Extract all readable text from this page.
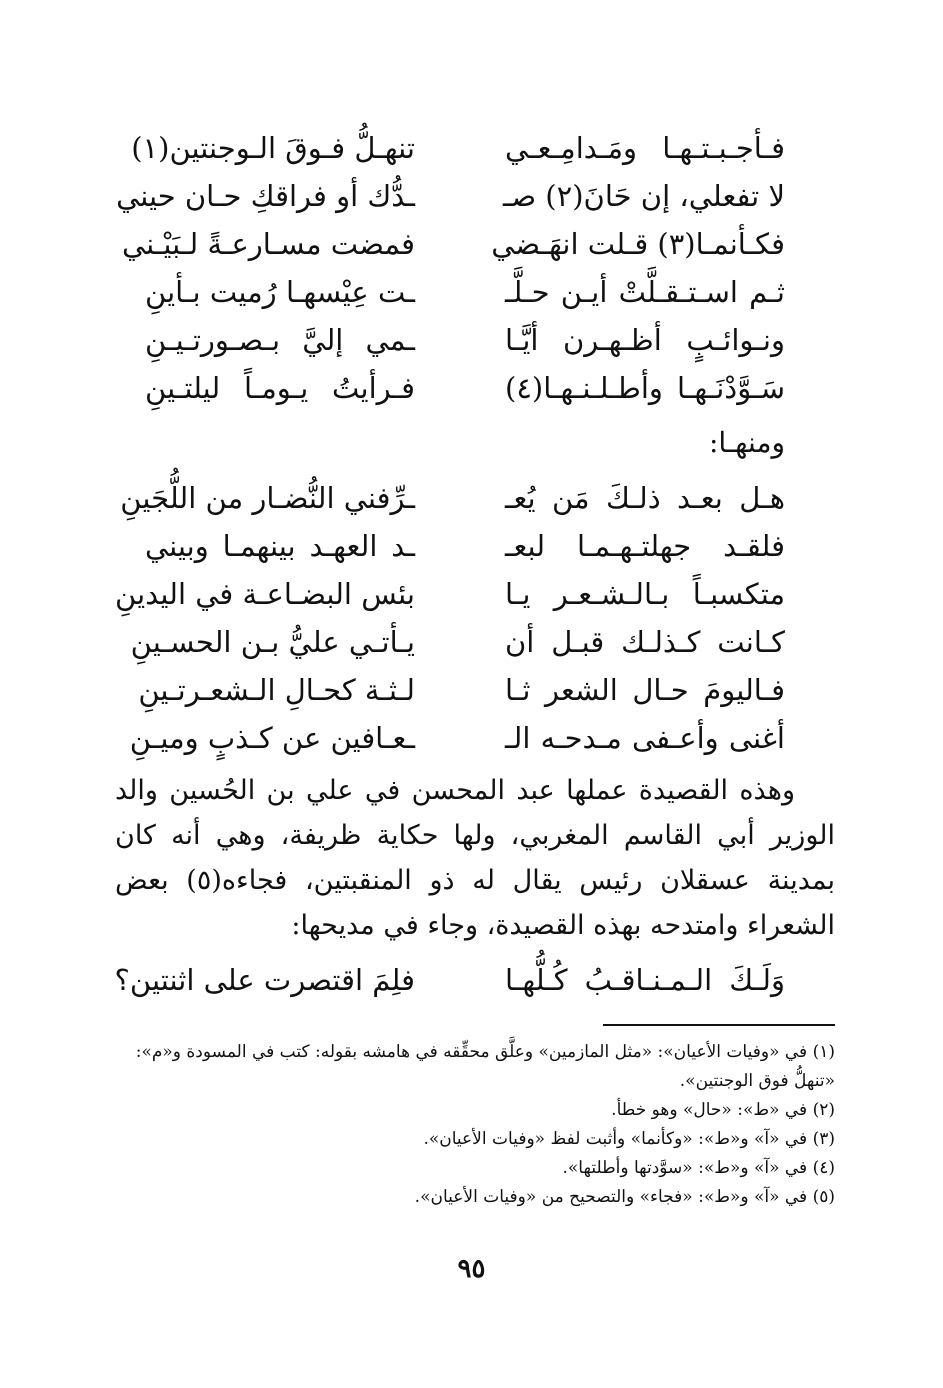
فـأجـبـتـهـا ومَـدامِـعـي
تنهـلُّ فـوقَ الـوجنتين(١)
لا تفعلي، إن حَانَ(٢) صـ
ـدُّك أو فراقكِ حـان حيني
فكـأنمـا(٣) قـلت انهَـضي
فمضت مسـارعـةً لـبَيْـني
ثـم اسـتـقـلَّتْ أيـن حـلَّـ
ـت عِيْسهـا رُميت بـأينِ
ونـوائـبٍ أظـهـرن أيَّـا
ـمي إليَّ بـصـورتـيـنِ
سَـوَّدْنَـهـا وأطـلـنـهـا(٤)
فـرأيتُ يـومـاً ليلتـينِ
ومنهـا:
هـل بعـد ذلـكَ مَن يُعـ
ـرِّفني النُّضـار من اللُّجَينِ
فلقـد جهلتـهـمـا لبعـ
ـد العهـد بينهمـا وبيني
متكسبـاً بـالـشـعـر يـا
بئس البضـاعـة في اليدينِ
كـانت كـذلـك قبـل أن
يـأتـي عليُّ بـن الحسـينِ
فـاليومَ حـال الشعر ثـا
لـثـة كحـالِ الـشعـرتـينِ
أغنى وأعـفى مـدحـه الـ
ـعـافين عن كـذبٍ وميـنِ

وهذه القصيدة عملها عبد المحسن في علي بن الحُسين والد الوزير أبي القاسم المغربي، ولها حكاية ظريفة، وهي أنه كان بمدينة عسقلان رئيس يقال له ذو المنقبتين، فجاءه(٥) بعض الشعراء وامتدحه بهذه القصيدة، وجاء في مديحها:

وَلَـكَ الـمـنـاقـبُ كُـلُّهـا
فلِمَ اقتصرت على اثنتين؟

(١) في «وفيات الأعيان»: «مثل المازمين» وعلَّق محقِّقه في هامشه بقوله: كتب في المسودة و«م»: «تنهلُّ فوق الوجنتين».

(٢) في «ط»: «حال» وهو خطأ.

(٣) في «آ» و«ط»: «وكأنما» وأثبت لفظ «وفيات الأعيان».

(٤) في «آ» و«ط»: «سوَّدتها وأطلتها».

(٥) في «آ» و«ط»: «فجاء» والتصحيح من «وفيات الأعيان».

٩٥
